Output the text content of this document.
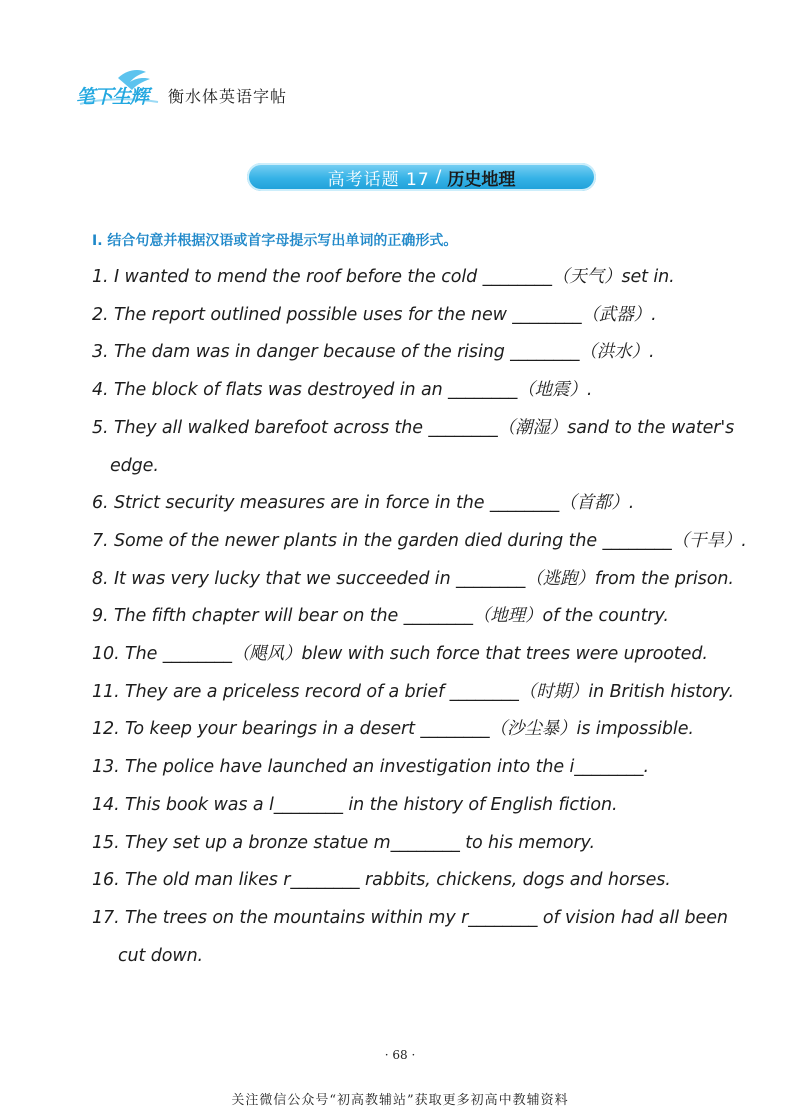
笔下生辉 衡水体英语字帖
高考话题 17 / 历史地理
I. 结合句意并根据汉语或首字母提示写出单词的正确形式。
1. I wanted to mend the roof before the cold ________（天气）set in.
2. The report outlined possible uses for the new ________（武器）.
3. The dam was in danger because of the rising ________（洪水）.
4. The block of flats was destroyed in an ________（地震）.
5. They all walked barefoot across the ________（潮湿）sand to the water's
edge.
6. Strict security measures are in force in the ________（首都）.
7. Some of the newer plants in the garden died during the ________（干旱）.
8. It was very lucky that we succeeded in ________（逃跑）from the prison.
9. The fifth chapter will bear on the ________（地理）of the country.
10. The ________（飓风）blew with such force that trees were uprooted.
11. They are a priceless record of a brief ________（时期）in British history.
12. To keep your bearings in a desert ________（沙尘暴）is impossible.
13. The police have launched an investigation into the i________.
14. This book was a l________ in the history of English fiction.
15. They set up a bronze statue m________ to his memory.
16. The old man likes r________ rabbits, chickens, dogs and horses.
17. The trees on the mountains within my r________ of vision had all been
cut down.
· 68 ·
关注微信公众号“初高教辅站”获取更多初高中教辅资料
